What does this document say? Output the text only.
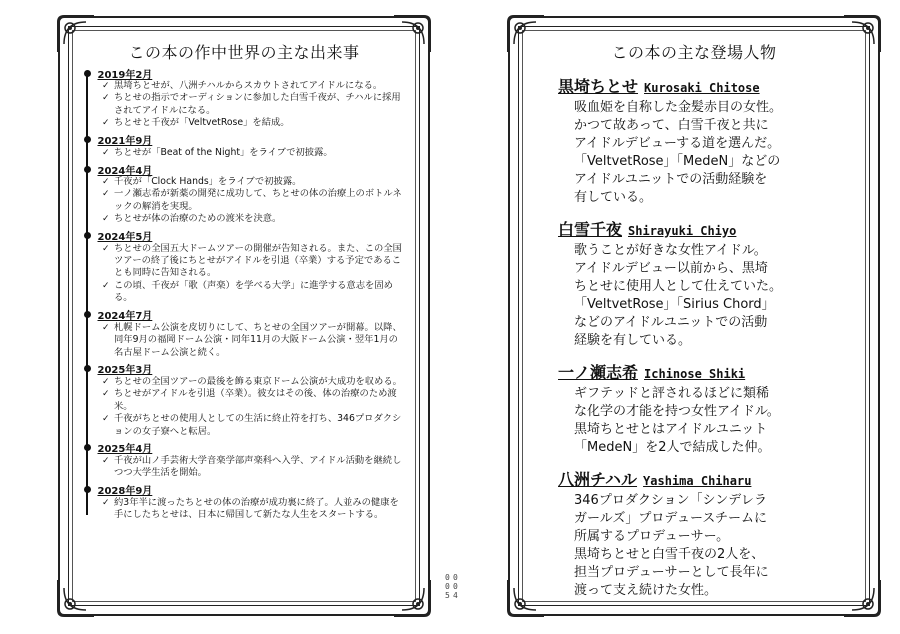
この本の作中世界の主な出来事
2019年2月
✓ 黒埼ちとせが、八洲チハルからスカウトされてアイドルになる。
✓ ちとせの指示でオーディションに参加した白雪千夜が、チハルに採用されてアイドルになる。
✓ ちとせと千夜が「VeltvetRose」を結成。
2021年9月
✓ ちとせが「Beat of the Night」をライブで初披露。
2024年4月
✓ 千夜が「Clock Hands」をライブで初披露。
✓ 一ノ瀬志希が新薬の開発に成功して、ちとせの体の治療上のボトルネックの解消を実現。
✓ ちとせが体の治療のための渡米を決意。
2024年5月
✓ ちとせの全国五大ドームツアーの開催が告知される。また、この全国ツアーの終了後にちとせがアイドルを引退（卒業）する予定であることも同時に告知される。
✓ この頃、千夜が「歌（声楽）を学べる大学」に進学する意志を固める。
2024年7月
✓ 札幌ドーム公演を皮切りにして、ちとせの全国ツアーが開幕。以降、同年9月の福岡ドーム公演・同年11月の大阪ドーム公演・翌年1月の名古屋ドーム公演と続く。
2025年3月
✓ ちとせの全国ツアーの最後を飾る東京ドーム公演が大成功を収める。
✓ ちとせがアイドルを引退（卒業）。彼女はその後、体の治療のため渡米。
✓ 千夜がちとせの使用人としての生活に終止符を打ち、346プロダクションの女子寮へと転居。
2025年4月
✓ 千夜が山ノ手芸術大学音楽学部声楽科へ入学、アイドル活動を継続しつつ大学生活を開始。
2028年9月
✓ 約3年半に渡ったちとせの体の治療が成功裏に終了。人並みの健康を手にしたちとせは、日本に帰国して新たな人生をスタートする。
0
0
5
0
0
4
この本の主な登場人物
黒埼ちとせ Kurosaki Chitose
吸血姫を自称した金髪赤目の女性。
かつて故あって、白雪千夜と共に
アイドルデビューする道を選んだ。
「VeltvetRose」「MedeN」などの
アイドルユニットでの活動経験を
有している。
白雪千夜 Shirayuki Chiyo
歌うことが好きな女性アイドル。
アイドルデビュー以前から、黒埼
ちとせに使用人として仕えていた。
「VeltvetRose」「Sirius Chord」
などのアイドルユニットでの活動
経験を有している。
一ノ瀬志希 Ichinose Shiki
ギフテッドと評されるほどに類稀
な化学の才能を持つ女性アイドル。
黒埼ちとせとはアイドルユニット
「MedeN」を2人で結成した仲。
八洲チハル Yashima Chiharu
346プロダクション「シンデレラ
ガールズ」プロデュースチームに
所属するプロデューサー。
黒埼ちとせと白雪千夜の2人を、
担当プロデューサーとして長年に
渡って支え続けた女性。
